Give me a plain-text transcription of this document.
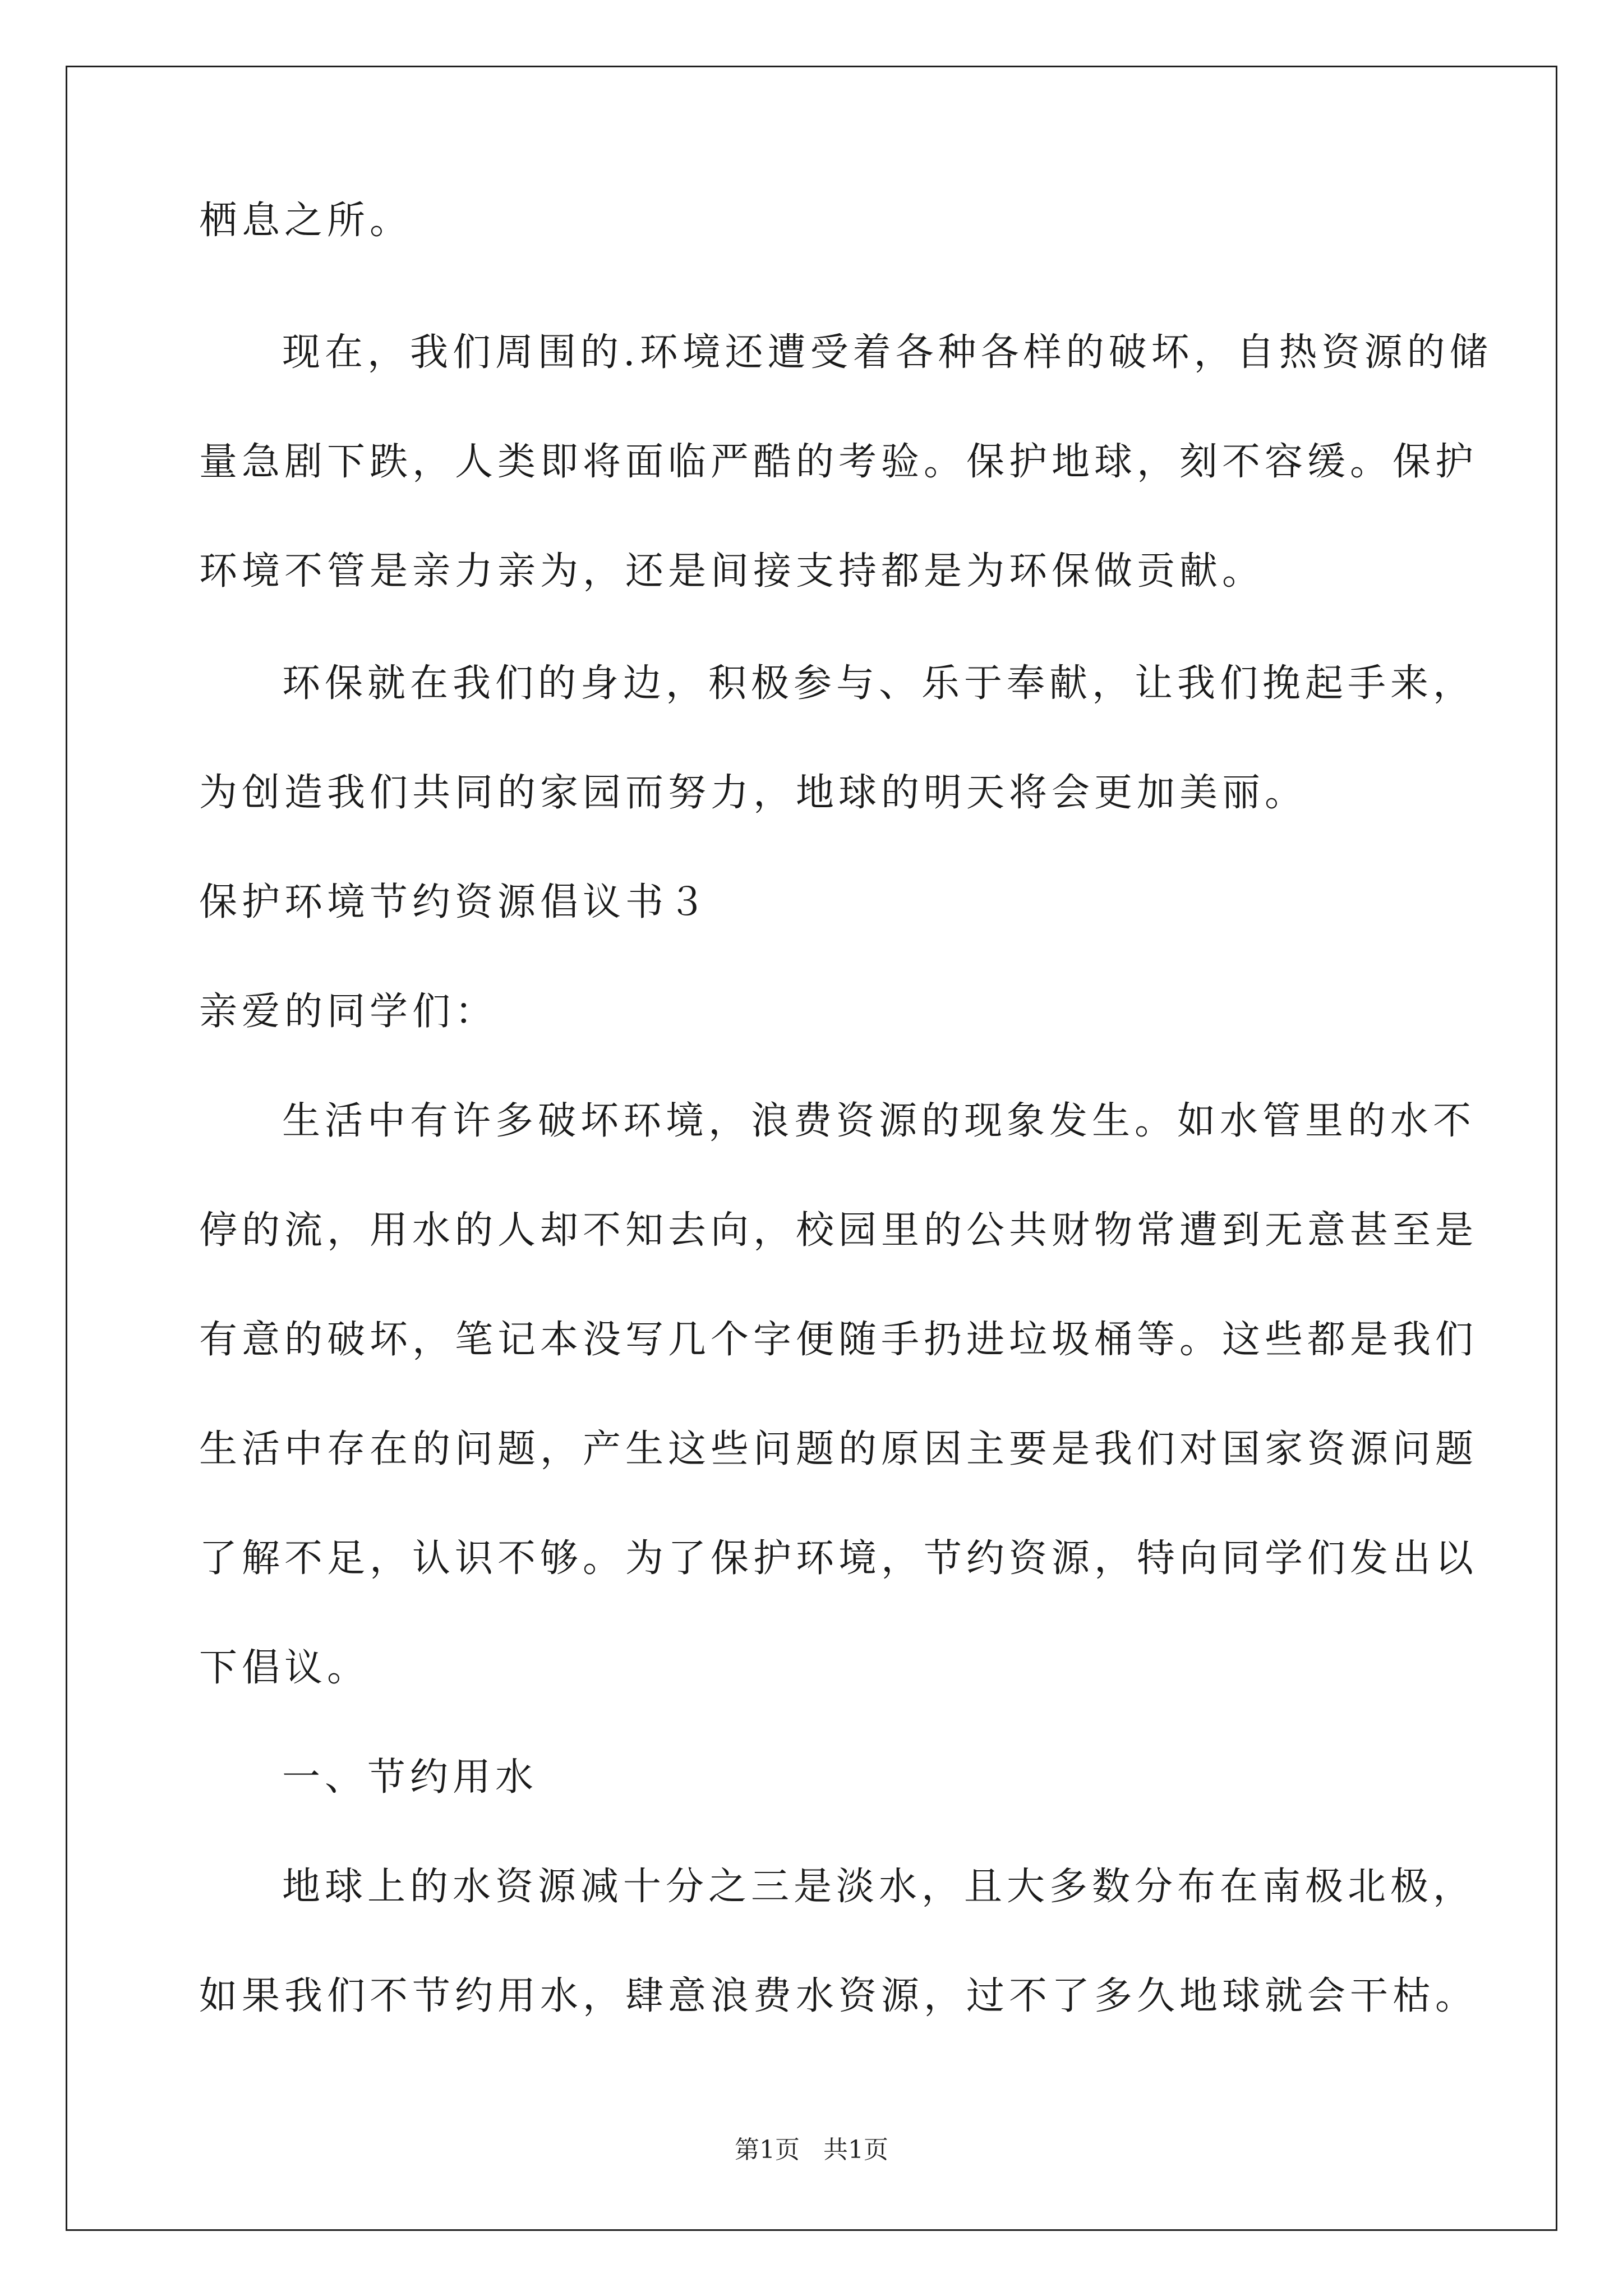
栖息之所。
现在，我们周围的.环境还遭受着各种各样的破坏，自热资源的储
量急剧下跌，人类即将面临严酷的考验。保护地球，刻不容缓。保护
环境不管是亲力亲为，还是间接支持都是为环保做贡献。
环保就在我们的身边，积极参与、乐于奉献，让我们挽起手来，
为创造我们共同的家园而努力，地球的明天将会更加美丽。
保护环境节约资源倡议书３
亲爱的同学们：
生活中有许多破坏环境，浪费资源的现象发生。如水管里的水不
停的流，用水的人却不知去向，校园里的公共财物常遭到无意甚至是
有意的破坏，笔记本没写几个字便随手扔进垃圾桶等。这些都是我们
生活中存在的问题，产生这些问题的原因主要是我们对国家资源问题
了解不足，认识不够。为了保护环境，节约资源，特向同学们发出以
下倡议。
一、节约用水
地球上的水资源减十分之三是淡水，且大多数分布在南极北极，
如果我们不节约用水，肆意浪费水资源，过不了多久地球就会干枯。
第1页 共1页
